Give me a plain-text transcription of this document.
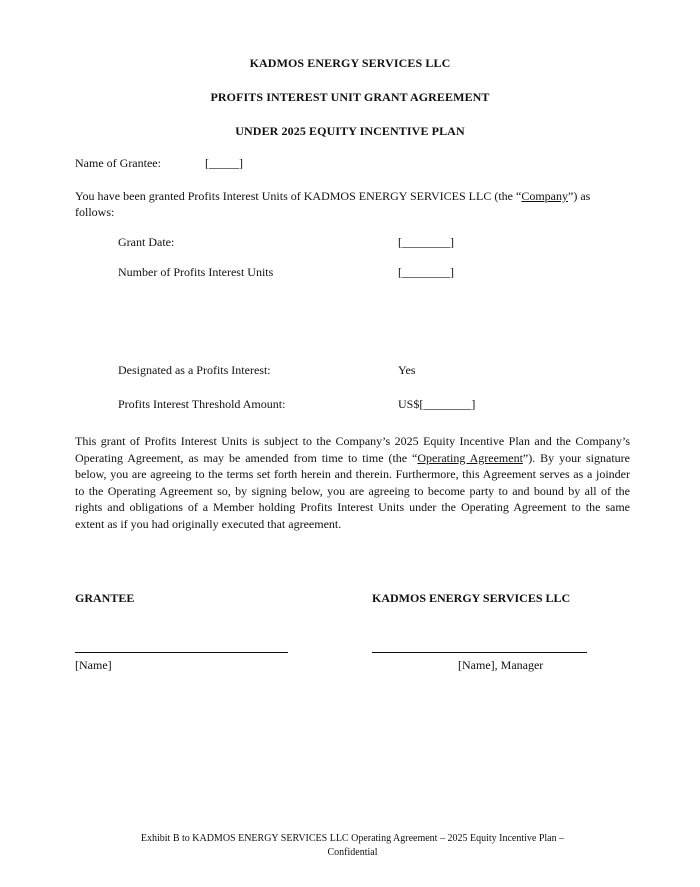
KADMOS ENERGY SERVICES LLC
PROFITS INTEREST UNIT GRANT AGREEMENT
UNDER 2025 EQUITY INCENTIVE PLAN
Name of Grantee:	[_____]
You have been granted Profits Interest Units of KADMOS ENERGY SERVICES LLC (the “Company”) as follows:
Grant Date:	[________]
Number of Profits Interest Units	[________]
Designated as a Profits Interest:	Yes
Profits Interest Threshold Amount:	US$[________]
This grant of Profits Interest Units is subject to the Company’s 2025 Equity Incentive Plan and the Company’s Operating Agreement, as may be amended from time to time (the “Operating Agreement”). By your signature below, you are agreeing to the terms set forth herein and therein. Furthermore, this Agreement serves as a joinder to the Operating Agreement so, by signing below, you are agreeing to become party to and bound by all of the rights and obligations of a Member holding Profits Interest Units under the Operating Agreement to the same extent as if you had originally executed that agreement.
GRANTEE	KADMOS ENERGY SERVICES LLC
[Name]	[Name], Manager
Exhibit B to KADMOS ENERGY SERVICES LLC Operating Agreement – 2025 Equity Incentive Plan –
Confidential
